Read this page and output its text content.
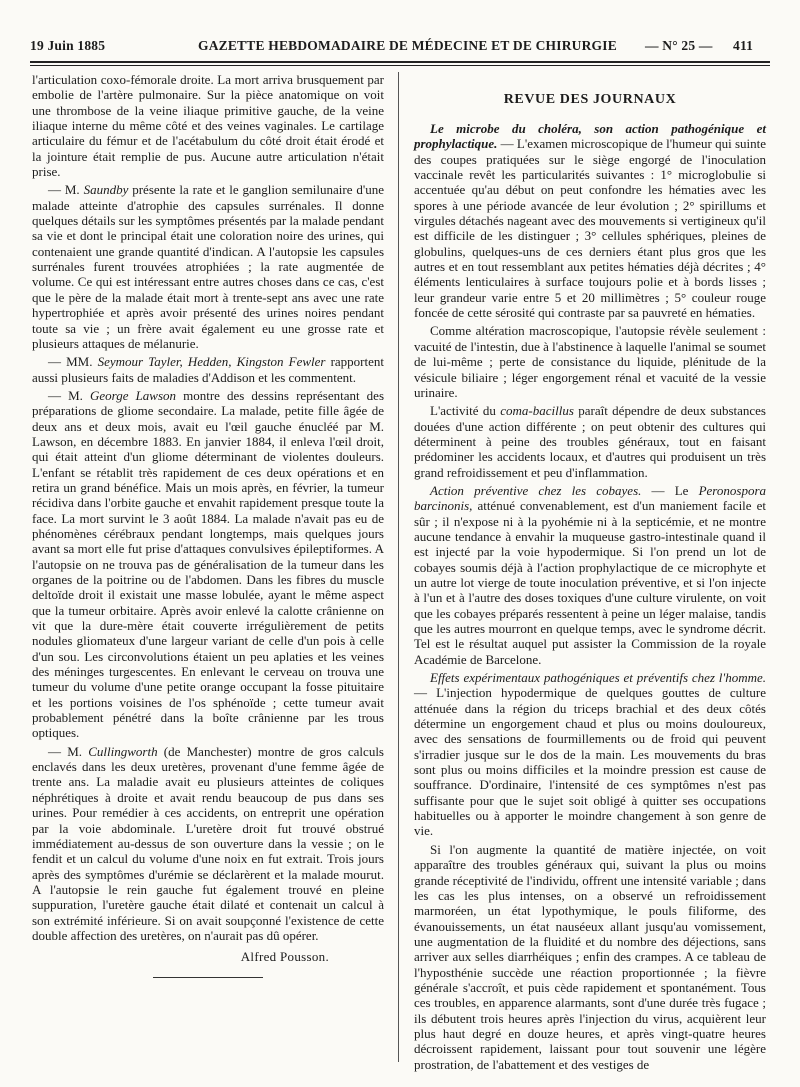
19 Juin 1885	GAZETTE HEBDOMADAIRE DE MÉDECINE ET DE CHIRURGIE — N° 25 — 411

l'articulation coxo-fémorale droite. La mort arriva brusquement par embolie de l'artère pulmonaire. Sur la pièce anatomique on voit une thrombose de la veine iliaque primitive gauche, de la veine iliaque interne du même côté et des veines vaginales. Le cartilage articulaire du fémur et de l'acétabulum du côté droit était érodé et la jointure était remplie de pus. Aucune autre articulation n'était prise.

— M. Saundby présente la rate et le ganglion semilunaire d'une malade atteinte d'atrophie des capsules surrénales. Il donne quelques détails sur les symptômes présentés par la malade pendant sa vie et dont le principal était une coloration noire des urines, qui contenaient une grande quantité d'indican. A l'autopsie les capsules surrénales furent trouvées atrophiées ; la rate augmentée de volume. Ce qui est intéressant entre autres choses dans ce cas, c'est que le père de la malade était mort à trente-sept ans avec une rate hypertrophiée et après avoir présenté des urines noires pendant toute sa vie ; un frère avait également eu une grosse rate et plusieurs attaques de mélanurie.

— MM. Seymour Tayler, Hedden, Kingston Fewler rapportent aussi plusieurs faits de maladies d'Addison et les commentent.

— M. George Lawson montre des dessins représentant des préparations de gliome secondaire. La malade, petite fille âgée de deux ans et deux mois, avait eu l'œil gauche énucléé par M. Lawson, en décembre 1883. En janvier 1884, il enleva l'œil droit, qui était atteint d'un gliome déterminant de violentes douleurs. L'enfant se rétablit très rapidement de ces deux opérations et en retira un grand bénéfice. Mais un mois après, en février, la tumeur récidiva dans l'orbite gauche et envahit rapidement presque toute la face. La mort survint le 3 août 1884. La malade n'avait pas eu de phénomènes cérébraux pendant longtemps, mais quelques jours avant sa mort elle fut prise d'attaques convulsives épileptiformes. A l'autopsie on ne trouva pas de généralisation de la tumeur dans les organes de la poitrine ou de l'abdomen. Dans les fibres du muscle deltoïde droit il existait une masse lobulée, ayant le même aspect que la tumeur orbitaire. Après avoir enlevé la calotte crânienne on vit que la dure-mère était couverte irrégulièrement de petits nodules gliomateux d'une largeur variant de celle d'un pois à celle d'un sou. Les circonvolutions étaient un peu aplaties et les veines des méninges turgescentes. En enlevant le cerveau on trouva une tumeur du volume d'une petite orange occupant la fosse pituitaire et les portions voisines de l'os sphénoïde ; cette tumeur avait probablement pénétré dans la boîte crânienne par les trous optiques.

— M. Cullingworth (de Manchester) montre de gros calculs enclavés dans les deux uretères, provenant d'une femme âgée de trente ans. La maladie avait eu plusieurs atteintes de coliques néphrétiques à droite et avait rendu beaucoup de pus dans ses urines. Pour remédier à ces accidents, on entreprit une opération par la voie abdominale. L'uretère droit fut trouvé obstrué immédiatement au-dessus de son ouverture dans la vessie ; on le fendit et un calcul du volume d'une noix en fut extrait. Trois jours après des symptômes d'urémie se déclarèrent et la malade mourut. A l'autopsie le rein gauche fut également trouvé en pleine suppuration, l'uretère gauche était dilaté et contenait un calcul à son extrémité inférieure. Si on avait soupçonné l'existence de cette double affection des uretères, on n'aurait pas dû opérer.

Alfred Pousson.
REVUE DES JOURNAUX

Le microbe du choléra, son action pathogénique et prophylactique. — L'examen microscopique de l'humeur qui suinte des coupes pratiquées sur le siège engorgé de l'inoculation vaccinale revêt les particularités suivantes : 1° microglobulie si accentuée qu'au début on peut confondre les hématies avec les spores à une période avancée de leur évolution ; 2° spirillums et virgules détachés nageant avec des mouvements si vertigineux qu'il est difficile de les distinguer ; 3° cellules sphériques, pleines de globulins, quelques-uns de ces derniers étant plus gros que les autres et en tout ressemblant aux petites hématies déjà décrites ; 4° éléments lenticulaires à surface toujours polie et à bords lisses ; leur grandeur varie entre 5 et 20 millimètres ; 5° couleur rouge foncée de cette sérosité qui contraste par sa pauvreté en hématies.

Comme altération macroscopique, l'autopsie révèle seulement : vacuité de l'intestin, due à l'abstinence à laquelle l'animal se soumet de lui-même ; perte de consistance du liquide, plénitude de la vésicule biliaire ; léger engorgement rénal et vacuité de la vessie urinaire.

L'activité du coma-bacillus paraît dépendre de deux substances douées d'une action différente ; on peut obtenir des cultures qui déterminent à peine des troubles généraux, tout en faisant prédominer les accidents locaux, et d'autres qui produisent un très grand refroidissement et peu d'inflammation.

Action préventive chez les cobayes. — Le Peronospora barcinonis, atténué convenablement, est d'un maniement facile et sûr ; il n'expose ni à la pyohémie ni à la septicémie, et ne montre aucune tendance à envahir la muqueuse gastro-intestinale quand il est injecté par la voie hypodermique. Si l'on prend un lot de cobayes soumis déjà à l'action prophylactique de ce microphyte et un autre lot vierge de toute inoculation préventive, et si l'on injecte à l'un et à l'autre des doses toxiques d'une culture virulente, on voit que les cobayes préparés ressentent à peine un léger malaise, tandis que les autres mourront en quelque temps, avec le syndrome décrit. Tel est le résultat auquel put assister la Commission de la royale Académie de Barcelone.

Effets expérimentaux pathogéniques et préventifs chez l'homme. — L'injection hypodermique de quelques gouttes de culture atténuée dans la région du triceps brachial et des deux côtés détermine un engorgement chaud et plus ou moins douloureux, avec des sensations de fourmillements ou de froid qui peuvent s'irradier jusque sur le dos de la main. Les mouvements du bras sont plus ou moins difficiles et la moindre pression est cause de souffrance. D'ordinaire, l'intensité de ces symptômes n'est pas suffisante pour que le sujet soit obligé à quitter ses occupations habituelles ou à apporter le moindre changement à son genre de vie.

Si l'on augmente la quantité de matière injectée, on voit apparaître des troubles généraux qui, suivant la plus ou moins grande réceptivité de l'individu, offrent une intensité variable ; dans les cas les plus intenses, on a observé un refroidissement marmoréen, un état lypothymique, le pouls filiforme, des évanouissements, un état nauséeux allant jusqu'au vomissement, une augmentation de la fluidité et du nombre des déjections, sans arriver aux selles diarrhéiques ; enfin des crampes. A ce tableau de l'hyposthénie succède une réaction proportionnée ; la fièvre générale s'accroît, et puis cède rapidement et spontanément. Tous ces troubles, en apparence alarmants, sont d'une durée très fugace ; ils débutent trois heures après l'injection du virus, acquièrent leur plus haut degré en douze heures, et après vingt-quatre heures décroissent rapidement, laissant pour tout souvenir une légère prostration, de l'abattement et des vestiges de
